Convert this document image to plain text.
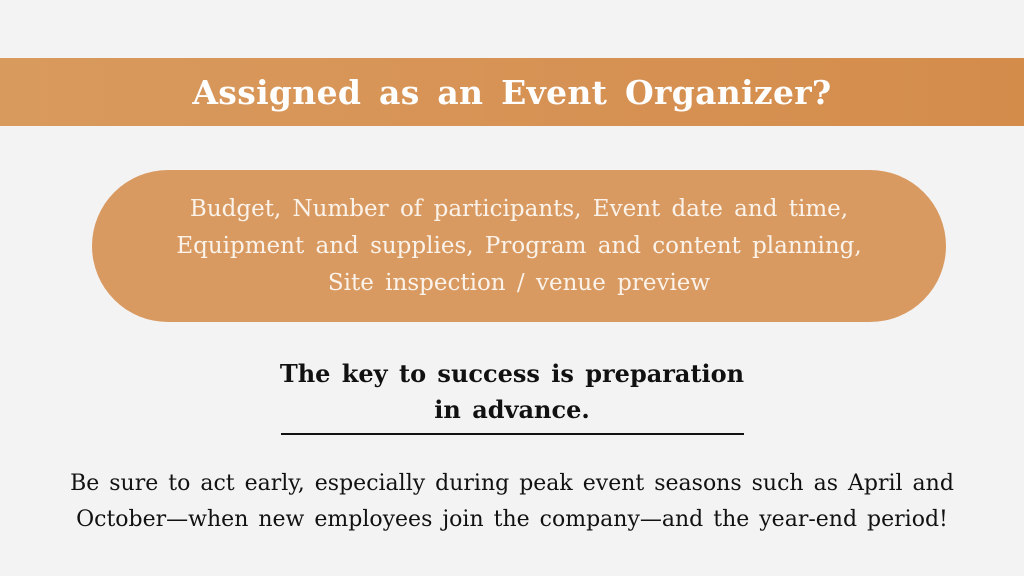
Assigned as an Event Organizer?
Budget, Number of participants, Event date and time,
Equipment and supplies, Program and content planning,
Site inspection / venue preview
The key to success is preparation
in advance.
Be sure to act early, especially during peak event seasons such as April and
October—when new employees join the company—and the year-end period!
